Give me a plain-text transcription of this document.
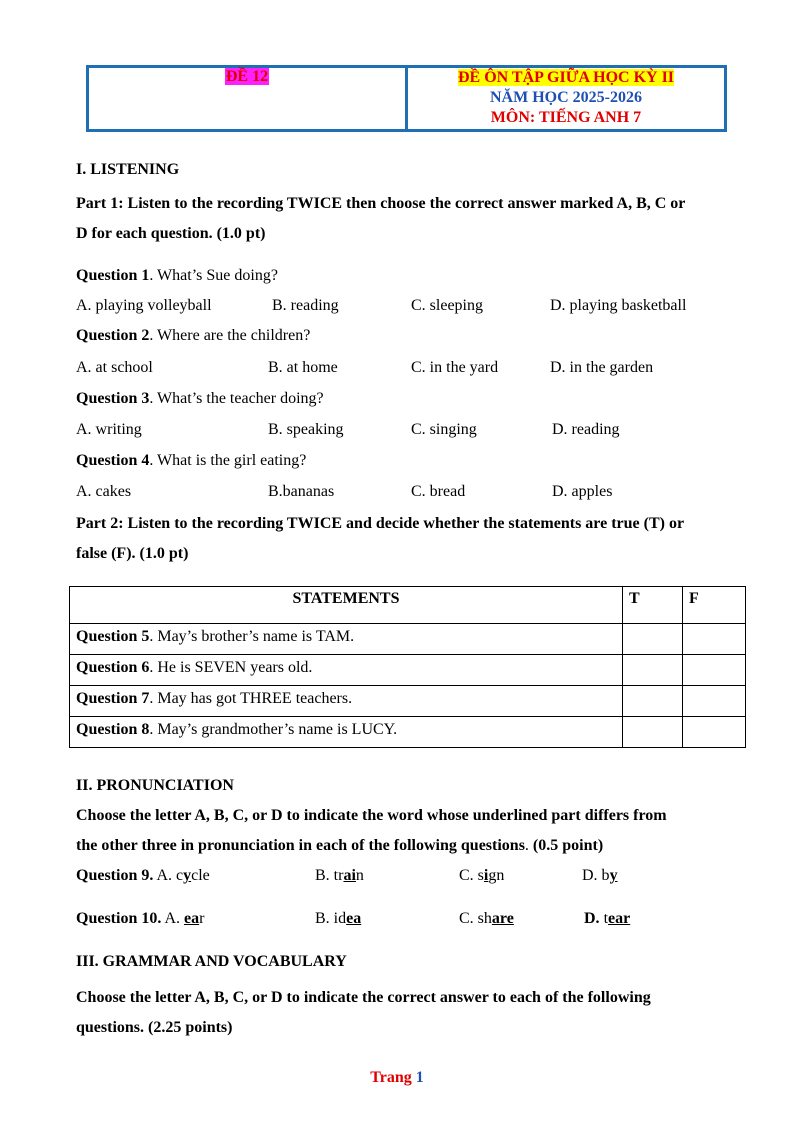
ĐỀ 12	ĐỀ ÔN TẬP GIỮA HỌC KỲ II
NĂM HỌC 2025-2026
MÔN: TIẾNG ANH 7
I. LISTENING
Part 1: Listen to the recording TWICE then choose the correct answer marked A, B, C or
D for each question. (1.0 pt)
Question 1. What’s Sue doing?
A. playing volleyball	B. reading	C. sleeping	D. playing basketball
Question 2. Where are the children?
A. at school	B. at home	C. in the yard	D. in the garden
Question 3. What’s the teacher doing?
A. writing	B. speaking	C. singing	D. reading
Question 4. What is the girl eating?
A. cakes	B.bananas	C. bread	D. apples
Part 2: Listen to the recording TWICE and decide whether the statements are true (T) or
false (F). (1.0 pt)
STATEMENTS	T	F
Question 5. May’s brother’s name is TAM.		
Question 6. He is SEVEN years old.		
Question 7. May has got THREE teachers.		
Question 8. May’s grandmother’s name is LUCY.		
II. PRONUNCIATION
Choose the letter A, B, C, or D to indicate the word whose underlined part differs from
the other three in pronunciation in each of the following questions. (0.5 point)
Question 9. A. cycle	B. train	C. sign	D. by
Question 10. A. ear	B. idea	C. share	D. tear
III. GRAMMAR AND VOCABULARY
Choose the letter A, B, C, or D to indicate the correct answer to each of the following
questions. (2.25 points)
Trang 1
